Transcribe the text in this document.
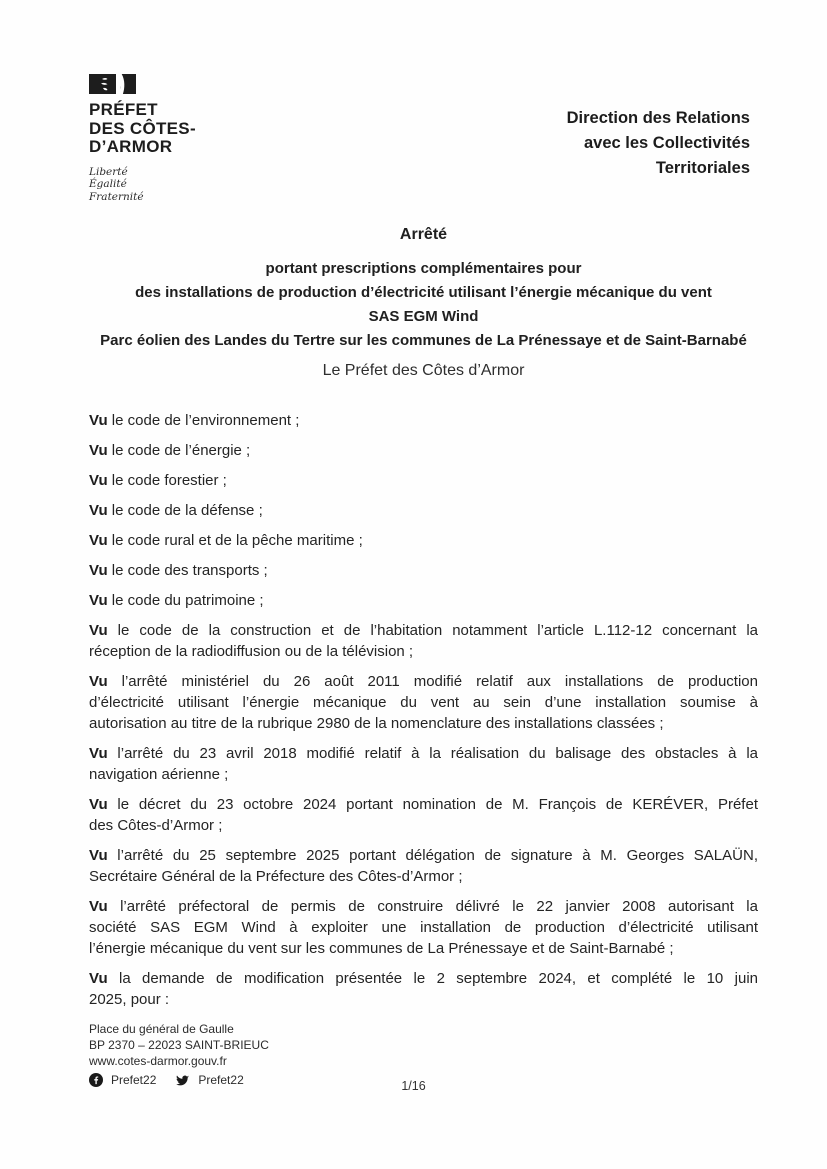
PRÉFET
DES CÔTES-
D’ARMOR
Liberté
Égalité
Fraternité
Direction des Relations
avec les Collectivités
Territoriales
Arrêté
portant prescriptions complémentaires pour
des installations de production d’électricité utilisant l’énergie mécanique du vent
SAS EGM Wind
Parc éolien des Landes du Tertre sur les communes de La Prénessaye et de Saint-Barnabé
Le Préfet des Côtes d’Armor
Vu le code de l’environnement ;
Vu le code de l’énergie ;
Vu le code forestier ;
Vu le code de la défense ;
Vu le code rural et de la pêche maritime ;
Vu le code des transports ;
Vu le code du patrimoine ;
Vu le code de la construction et de l’habitation notamment l’article L.112-12 concernant la
réception de la radiodiffusion ou de la télévision ;
Vu l’arrêté ministériel du 26 août 2011 modifié relatif aux installations de production
d’électricité utilisant l’énergie mécanique du vent au sein d’une installation soumise à
autorisation au titre de la rubrique 2980 de la nomenclature des installations classées ;
Vu l’arrêté du 23 avril 2018 modifié relatif à la réalisation du balisage des obstacles à la
navigation aérienne ;
Vu le décret du 23 octobre 2024 portant nomination de M. François de KERÉVER, Préfet
des Côtes-d’Armor ;
Vu l’arrêté du 25 septembre 2025 portant délégation de signature à M. Georges SALAÜN,
Secrétaire Général de la Préfecture des Côtes-d’Armor ;
Vu l’arrêté préfectoral de permis de construire délivré le 22 janvier 2008 autorisant la
société SAS EGM Wind à exploiter une installation de production d’électricité utilisant
l’énergie mécanique du vent sur les communes de La Prénessaye et de Saint-Barnabé ;
Vu la demande de modification présentée le 2 septembre 2024, et complété le 10 juin
2025, pour :
Place du général de Gaulle
BP 2370 – 22023 SAINT-BRIEUC
www.cotes-darmor.gouv.fr
Prefet22	Prefet22	1/16
